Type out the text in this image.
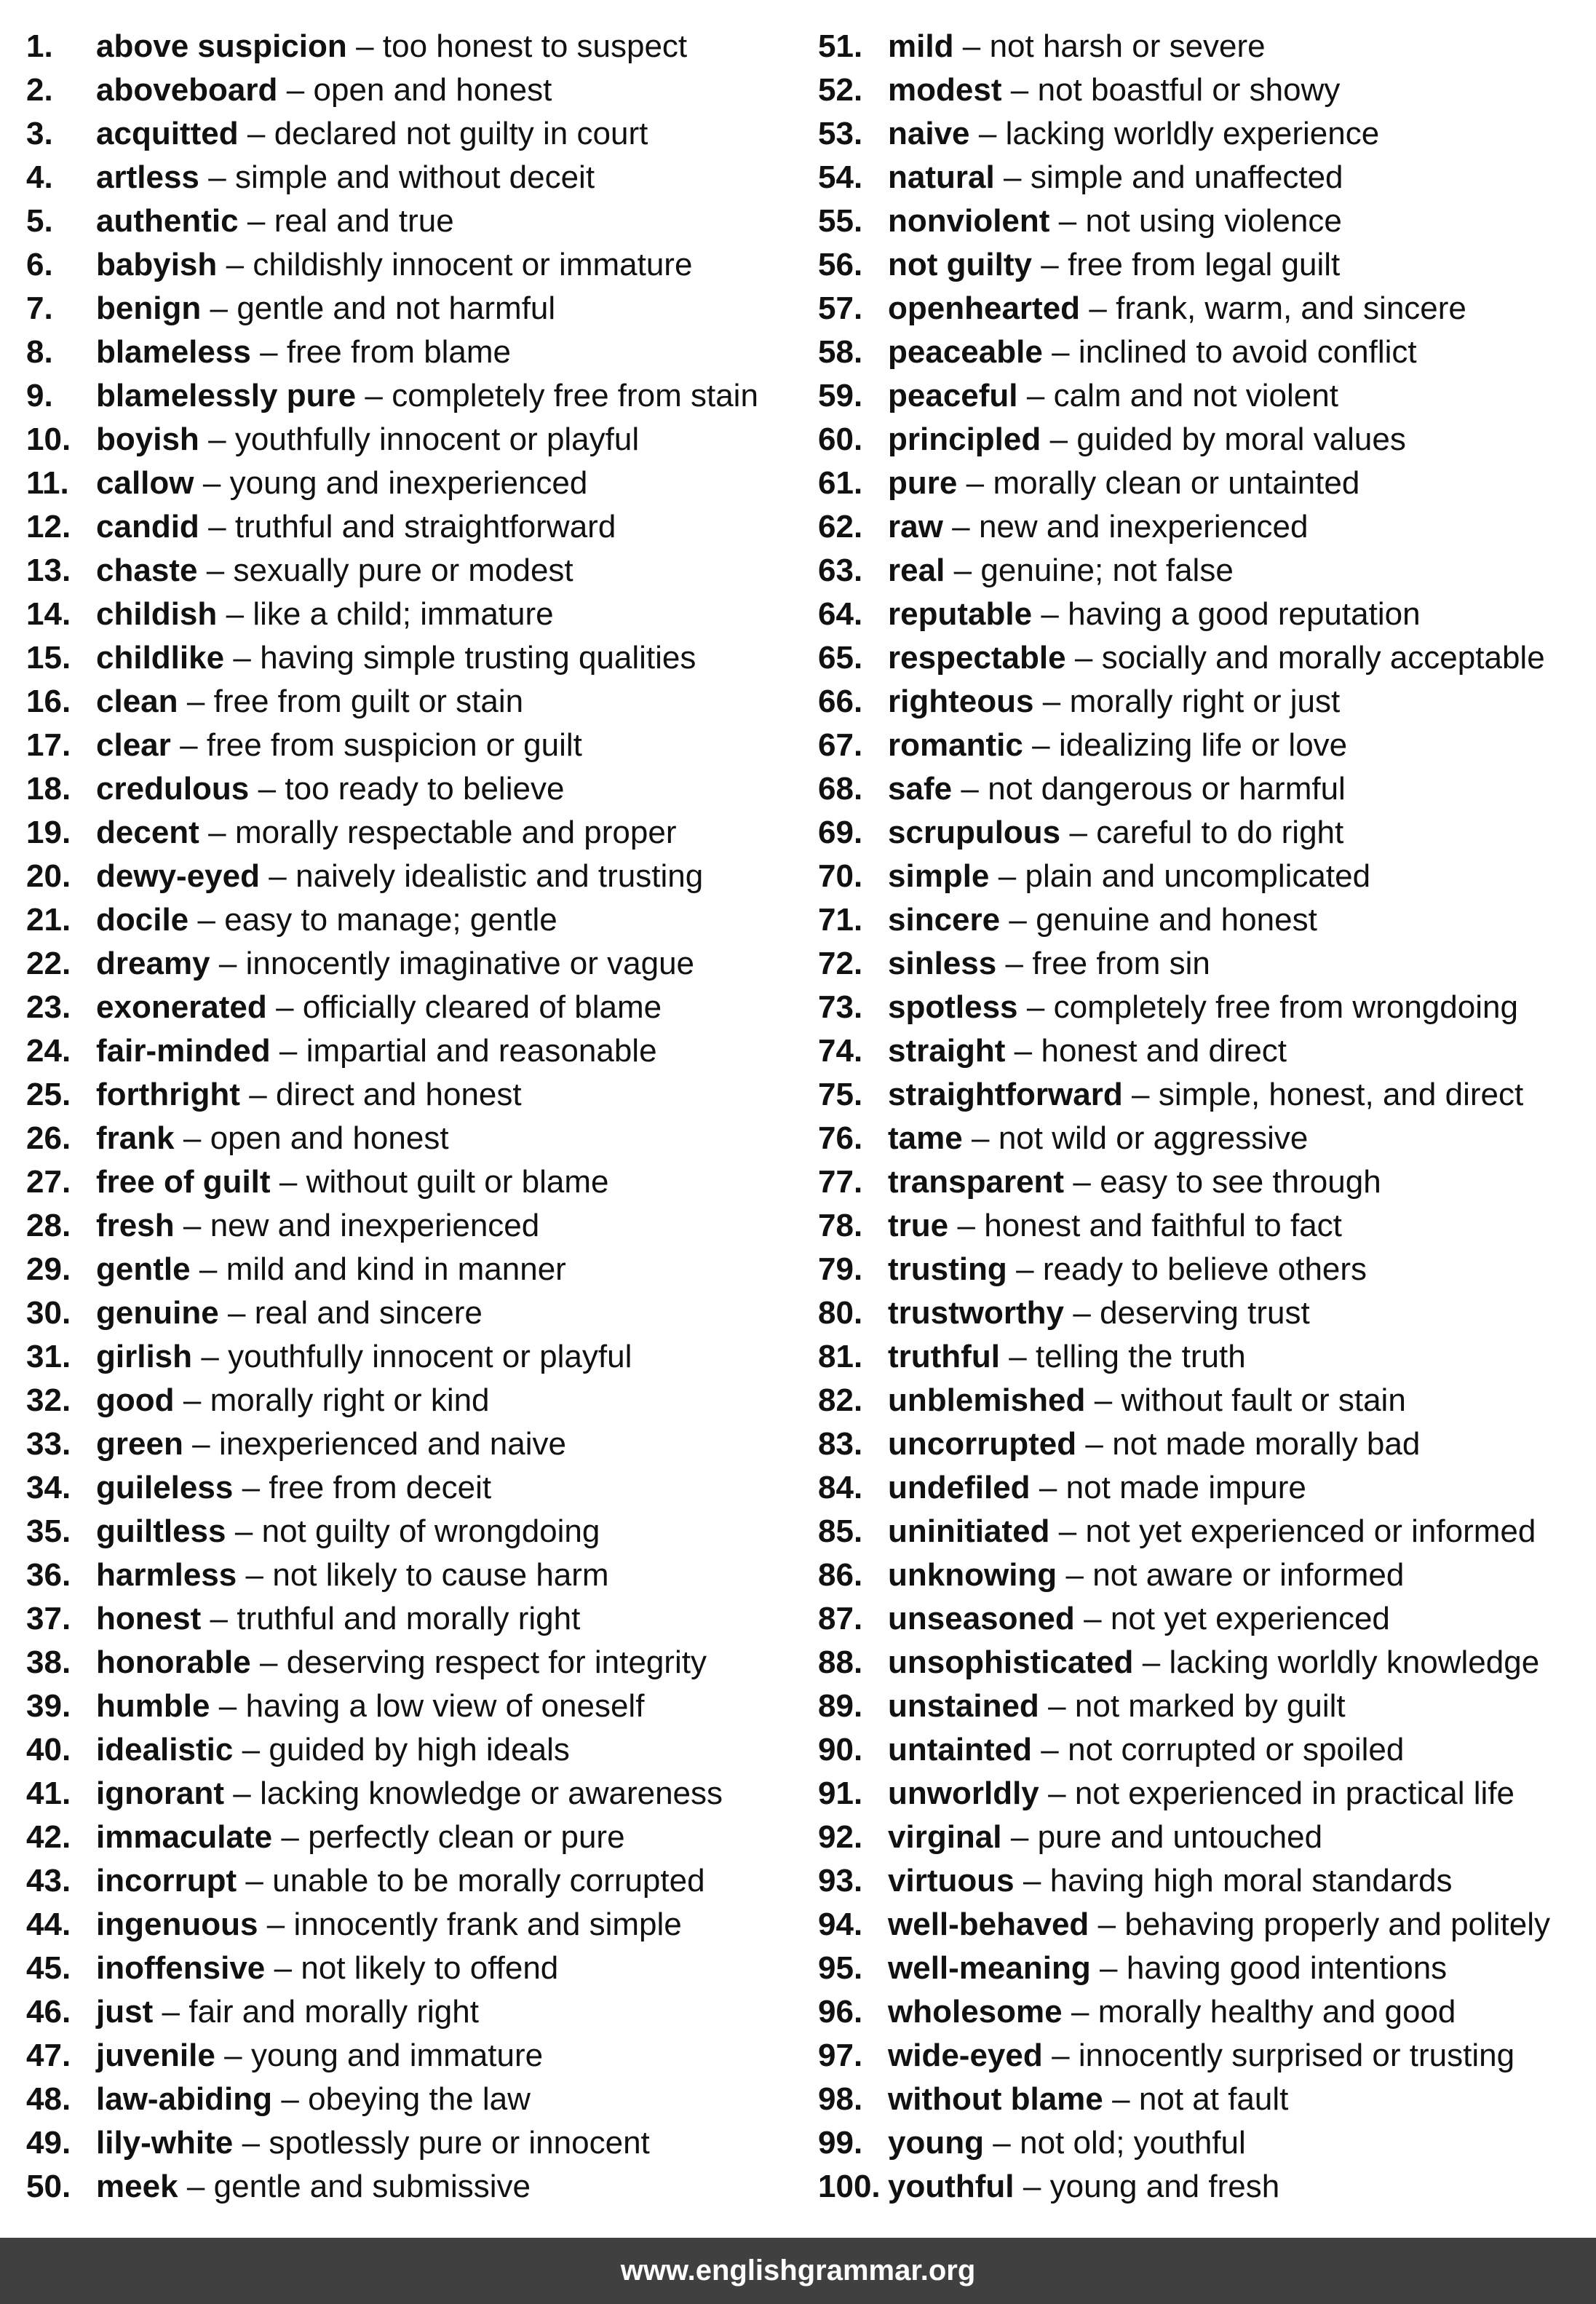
1.	above suspicion – too honest to suspect
2.	aboveboard – open and honest
3.	acquitted – declared not guilty in court
4.	artless – simple and without deceit
5.	authentic – real and true
6.	babyish – childishly innocent or immature
7.	benign – gentle and not harmful
8.	blameless – free from blame
9.	blamelessly pure – completely free from stain
10. boyish – youthfully innocent or playful
11. callow – young and inexperienced
12. candid – truthful and straightforward
13. chaste – sexually pure or modest
14. childish – like a child; immature
15. childlike – having simple trusting qualities
16. clean – free from guilt or stain
17. clear – free from suspicion or guilt
18. credulous – too ready to believe
19. decent – morally respectable and proper
20. dewy-eyed – naively idealistic and trusting
21. docile – easy to manage; gentle
22. dreamy – innocently imaginative or vague
23. exonerated – officially cleared of blame
24. fair-minded – impartial and reasonable
25. forthright – direct and honest
26. frank – open and honest
27. free of guilt – without guilt or blame
28. fresh – new and inexperienced
29. gentle – mild and kind in manner
30. genuine – real and sincere
31. girlish – youthfully innocent or playful
32. good – morally right or kind
33. green – inexperienced and naive
34. guileless – free from deceit
35. guiltless – not guilty of wrongdoing
36. harmless – not likely to cause harm
37. honest – truthful and morally right
38. honorable – deserving respect for integrity
39. humble – having a low view of oneself
40. idealistic – guided by high ideals
41. ignorant – lacking knowledge or awareness
42. immaculate – perfectly clean or pure
43. incorrupt – unable to be morally corrupted
44. ingenuous – innocently frank and simple
45. inoffensive – not likely to offend
46. just – fair and morally right
47. juvenile – young and immature
48. law-abiding – obeying the law
49. lily-white – spotlessly pure or innocent
50. meek – gentle and submissive
51. mild – not harsh or severe
52. modest – not boastful or showy
53. naive – lacking worldly experience
54. natural – simple and unaffected
55. nonviolent – not using violence
56. not guilty – free from legal guilt
57. openhearted – frank, warm, and sincere
58. peaceable – inclined to avoid conflict
59. peaceful – calm and not violent
60. principled – guided by moral values
61. pure – morally clean or untainted
62. raw – new and inexperienced
63. real – genuine; not false
64. reputable – having a good reputation
65. respectable – socially and morally acceptable
66. righteous – morally right or just
67. romantic – idealizing life or love
68. safe – not dangerous or harmful
69. scrupulous – careful to do right
70. simple – plain and uncomplicated
71. sincere – genuine and honest
72. sinless – free from sin
73. spotless – completely free from wrongdoing
74. straight – honest and direct
75. straightforward – simple, honest, and direct
76. tame – not wild or aggressive
77. transparent – easy to see through
78. true – honest and faithful to fact
79. trusting – ready to believe others
80. trustworthy – deserving trust
81. truthful – telling the truth
82. unblemished – without fault or stain
83. uncorrupted – not made morally bad
84. undefiled – not made impure
85. uninitiated – not yet experienced or informed
86. unknowing – not aware or informed
87. unseasoned – not yet experienced
88. unsophisticated – lacking worldly knowledge
89. unstained – not marked by guilt
90. untainted – not corrupted or spoiled
91. unworldly – not experienced in practical life
92. virginal – pure and untouched
93. virtuous – having high moral standards
94. well-behaved – behaving properly and politely
95. well-meaning – having good intentions
96. wholesome – morally healthy and good
97. wide-eyed – innocently surprised or trusting
98. without blame – not at fault
99. young – not old; youthful
100. youthful – young and fresh
www.englishgrammar.org
